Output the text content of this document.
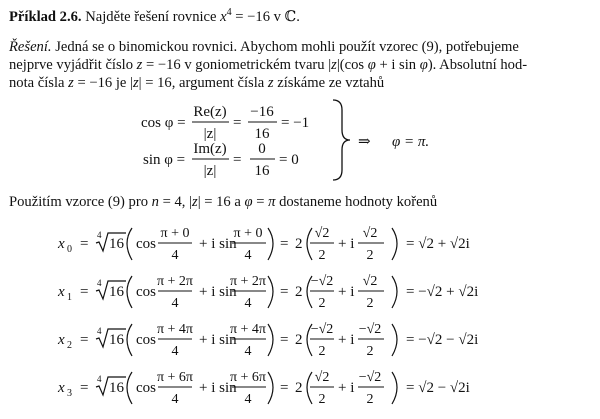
Příklad 2.6. Najděte řešení rovnice $x^4 = -16$ v ℂ.
Řešení. Jedná se o binomickou rovnici. Abychom mohli použít vzorec (9), potřebujeme
nejprve vyjádřit číslo z = −16 v goniometrickém tvaru |z|(cos φ + i sin φ). Absolutní hod-
nota čísla z = −16 je |z| = 16, argument čísla z získáme ze vztahů
cos φ =
Re(z)
|z|
=
−16
16
= −1
sin φ =
Im(z)
|z|
=
0
16
= 0
⇒ φ = π.
Použitím vzorce (9) pro n = 4, |z| = 16 a φ = π dostaneme hodnoty kořenů
x 0 =
4
16 cos
π + 0
4
+ i sin
π + 0
4
= 2
√2
2
+ i
√2
2
= √2 + √2i
x 1 =
4
16 cos
π + 2π
4
+ i sin
π + 2π
4
= 2
−√2
2
+ i
√2
2
= −√2 + √2i
x 2 =
4
16 cos
π + 4π
4
+ i sin
π + 4π
4
= 2
−√2
2
+ i
−√2
2
= −√2 − √2i
x 3 =
4
16 cos
π + 6π
4
+ i sin
π + 6π
4
= 2
√2
2
+ i
−√2
2
= √2 − √2i
